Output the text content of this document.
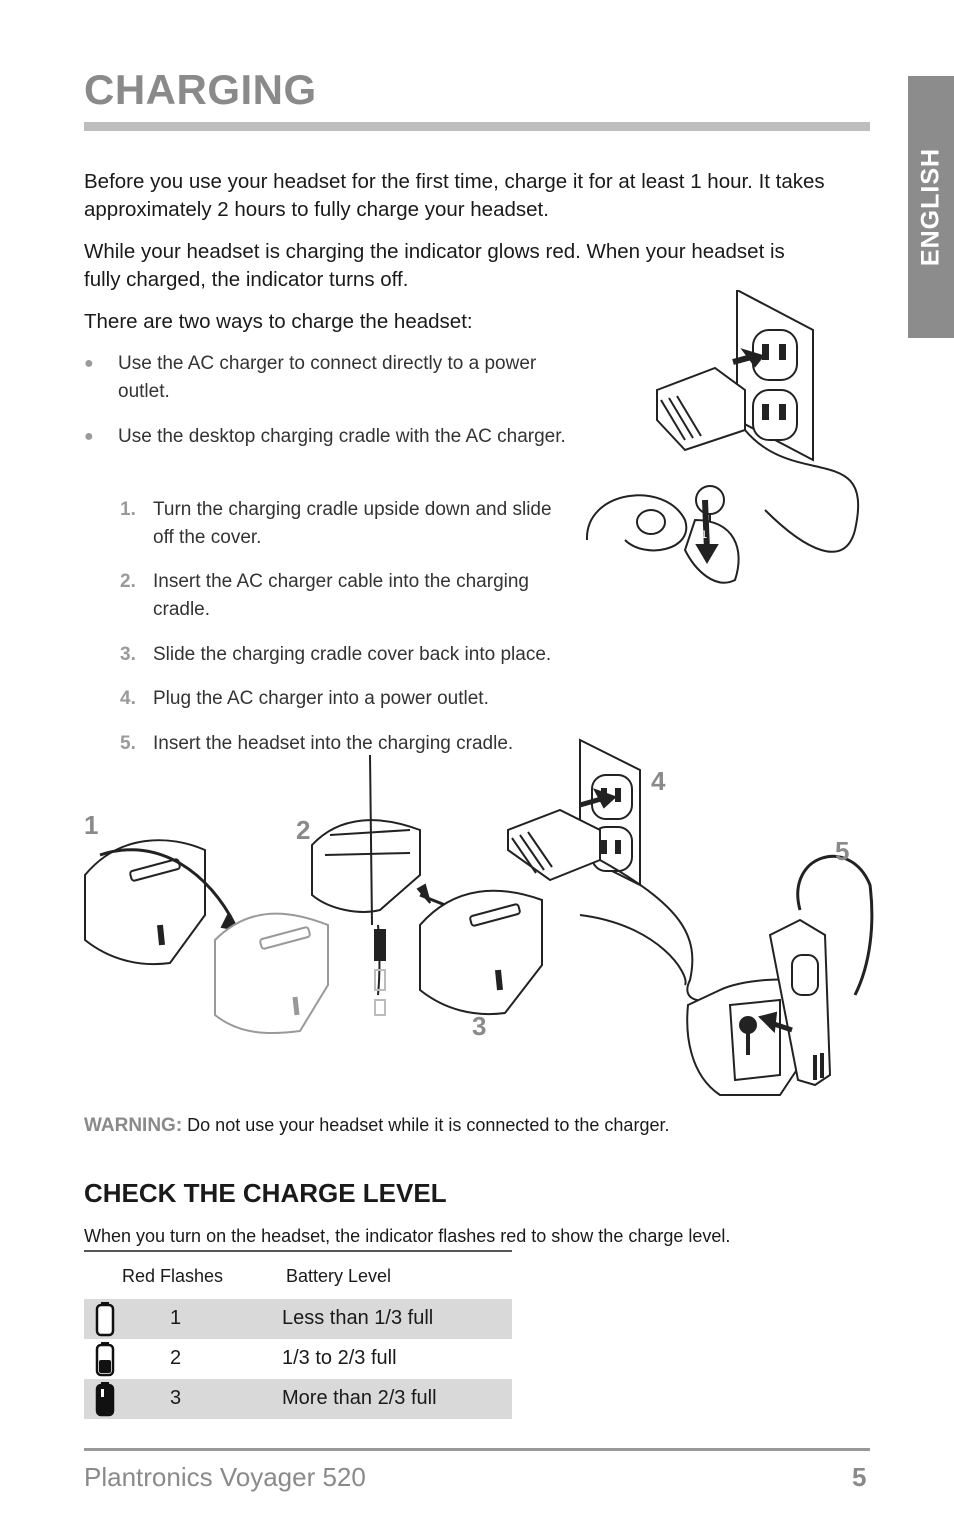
CHARGING
ENGLISH

Before you use your headset for the first time, charge it for at least 1 hour. It takes approximately 2 hours to fully charge your headset.

While your headset is charging the indicator glows red. When your headset is fully charged, the indicator turns off.

There are two ways to charge the headset:

● Use the AC charger to connect directly to a power outlet.
● Use the desktop charging cradle with the AC charger.
1. Turn the charging cradle upside down and slide off the cover.
2. Insert the AC charger cable into the charging cradle.
3. Slide the charging cradle cover back into place.
4. Plug the AC charger into a power outlet.
5. Insert the headset into the charging cradle.
1
1	2
3
4
5
WARNING: Do not use your headset while it is connected to the charger.
CHECK THE CHARGE LEVEL
When you turn on the headset, the indicator flashes red to show the charge level.
Red Flashes	Battery Level
1	Less than 1/3 full
2	1/3 to 2/3 full
3	More than 2/3 full
Plantronics Voyager 520	5
